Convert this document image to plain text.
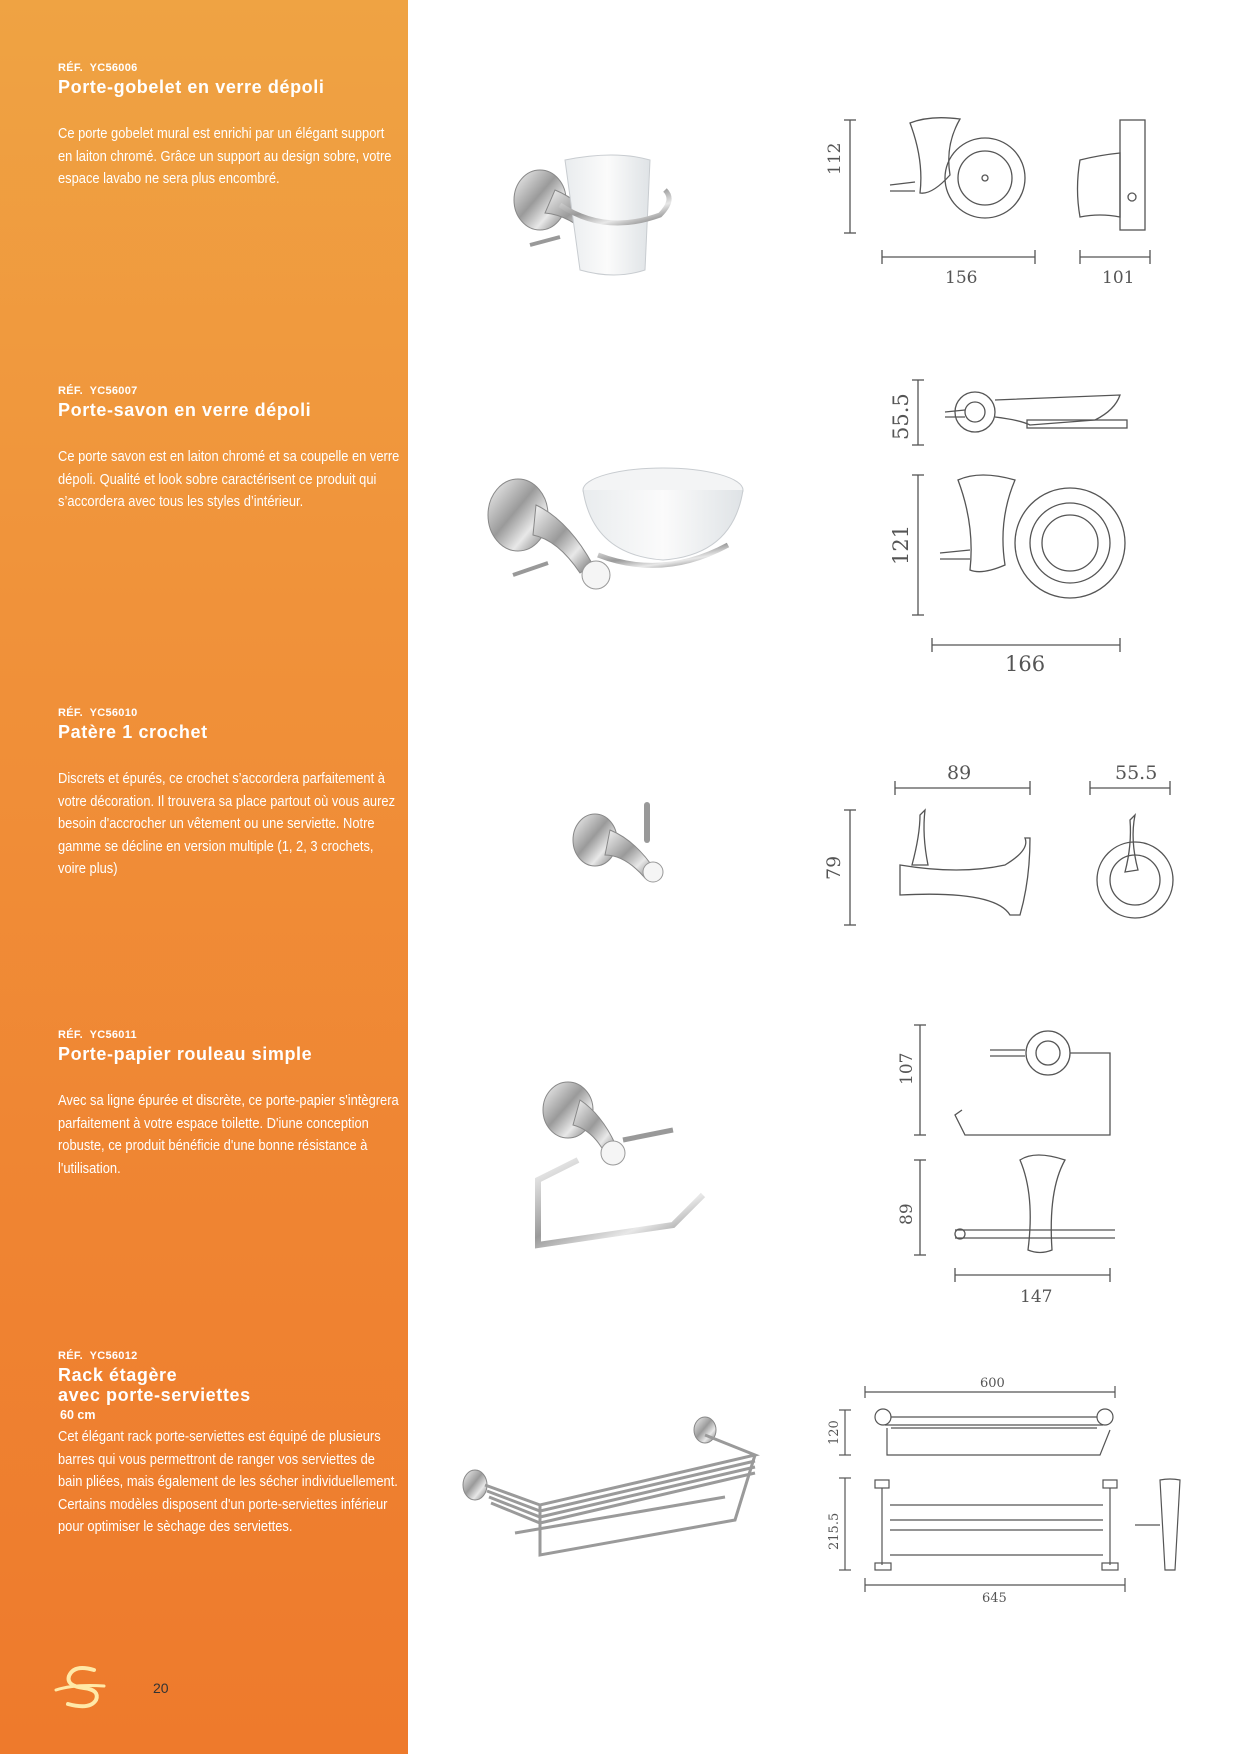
RÉF. YC56006

Porte-gobelet en verre dépoli

Ce porte gobelet mural est enrichi par un élégant support en laiton chromé. Grâce un support au design sobre, votre espace lavabo ne sera plus encombré.

112
156	101

RÉF. YC56007

Porte-savon en verre dépoli

Ce porte savon est en laiton chromé et sa coupelle en verre dépoli. Qualité et look sobre caractérisent ce produit qui s’accordera avec tous les styles d’intérieur.

55.5
121
166

RÉF. YC56010

Patère 1 crochet

Discrets et épurés, ce crochet s’accordera parfaitement à votre décoration. Il trouvera sa place partout où vous aurez besoin d'accrocher un vêtement ou une serviette. Notre gamme se décline en version multiple (1, 2, 3 crochets, voire plus)	79
89	55.5

RÉF. YC56011

Porte-papier rouleau simple

Avec sa ligne épurée et discrète, ce porte-papier s'intègrera parfaitement à votre espace toilette. D'iune conception robuste, ce produit bénéficie d'une bonne résistance à l'utilisation.

107
89
147

RÉF. YC56012

Rack étagère

avec porte-serviettes

60 cm

Cet élégant rack porte-serviettes est équipé de plusieurs barres qui vous permettront de ranger vos serviettes de bain pliées, mais également de les sécher individuellement. Certains modèles disposent d'un porte-serviettes inférieur pour optimiser le sèchage des serviettes.

600
120
215.5
645
20
